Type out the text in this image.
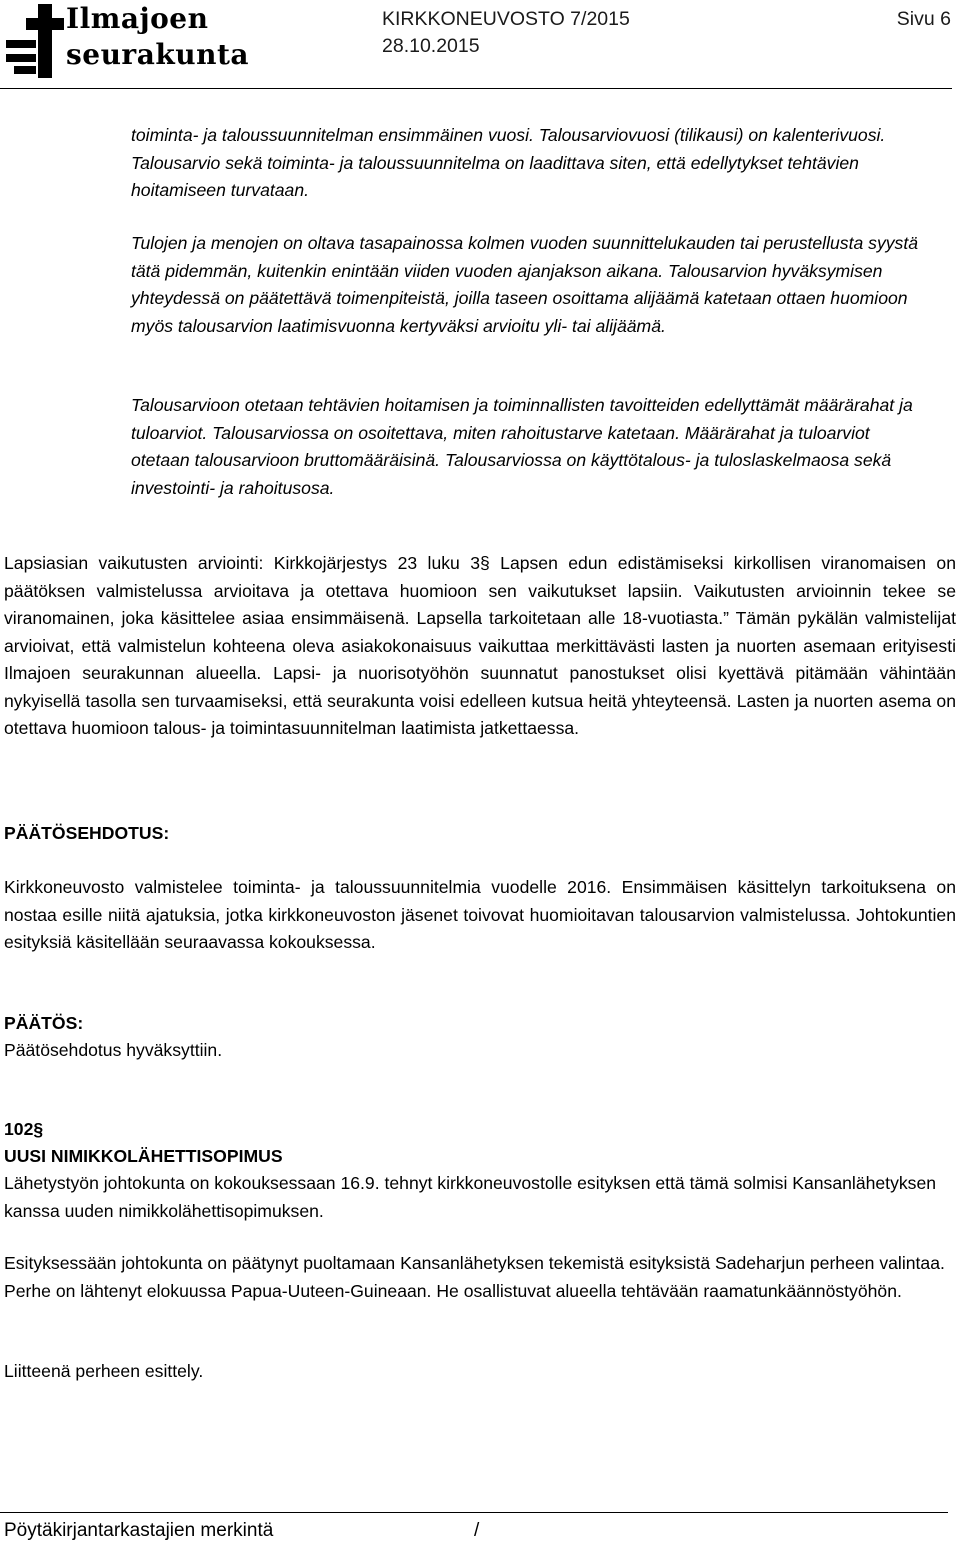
Ilmajoen
seurakunta
KIRKKONEUVOSTO 7/2015
28.10.2015
Sivu 6

toiminta- ja taloussuunnitelman ensimmäinen vuosi. Talousarviovuosi (tilikausi) on kalenterivuosi. Talousarvio sekä toiminta- ja taloussuunnitelma on laadittava siten, että edellytykset tehtävien hoitamiseen turvataan.

Tulojen ja menojen on oltava tasapainossa kolmen vuoden suunnittelukauden tai perustellusta syystä tätä pidemmän, kuitenkin enintään viiden vuoden ajanjakson aikana. Talousarvion hyväksymisen yhteydessä on päätettävä toimenpiteistä, joilla taseen osoittama alijäämä katetaan ottaen huomioon myös talousarvion laatimisvuonna kertyväksi arvioitu yli- tai alijäämä.

Talousarvioon otetaan tehtävien hoitamisen ja toiminnallisten tavoitteiden edellyttämät määrärahat ja tuloarviot. Talousarviossa on osoitettava, miten rahoitustarve katetaan. Määrärahat ja tuloarviot otetaan talousarvioon bruttomääräisinä. Talousarviossa on käyttötalous- ja tuloslaskelmaosa sekä investointi- ja rahoitusosa.

Lapsiasian vaikutusten arviointi: Kirkkojärjestys 23 luku 3§ Lapsen edun edistämiseksi kirkollisen viranomaisen on päätöksen valmistelussa arvioitava ja otettava huomioon sen vaikutukset lapsiin. Vaikutusten arvioinnin tekee se viranomainen, joka käsittelee asiaa ensimmäisenä. Lapsella tarkoitetaan alle 18-vuotiasta.” Tämän pykälän valmistelijat arvioivat, että valmistelun kohteena oleva asiakokonaisuus vaikuttaa merkittävästi lasten ja nuorten asemaan erityisesti Ilmajoen seurakunnan alueella. Lapsi- ja nuorisotyöhön suunnatut panostukset olisi kyettävä pitämään vähintään nykyisellä tasolla sen turvaamiseksi, että seurakunta voisi edelleen kutsua heitä yhteyteensä. Lasten ja nuorten asema on otettava huomioon talous- ja toimintasuunnitelman laatimista jatkettaessa.

PÄÄTÖSEHDOTUS:

Kirkkoneuvosto valmistelee toiminta- ja taloussuunnitelmia vuodelle 2016. Ensimmäisen käsittelyn tarkoituksena on nostaa esille niitä ajatuksia, jotka kirkkoneuvoston jäsenet toivovat huomioitavan talousarvion valmistelussa. Johtokuntien esityksiä käsitellään seuraavassa kokouksessa.

PÄÄTÖS:

Päätösehdotus hyväksyttiin.

102§

UUSI NIMIKKOLÄHETTISOPIMUS

Lähetystyön johtokunta on kokouksessaan 16.9. tehnyt kirkkoneuvostolle esityksen että tämä solmisi Kansanlähetyksen kanssa uuden nimikkolähettisopimuksen.

Esityksessään johtokunta on päätynyt puoltamaan Kansanlähetyksen tekemistä esityksistä Sadeharjun perheen valintaa. Perhe on lähtenyt elokuussa Papua-Uuteen-Guineaan. He osallistuvat alueella tehtävään raamatunkäännöstyöhön.

Liitteenä perheen esittely.

Pöytäkirjantarkastajien merkintä	/
